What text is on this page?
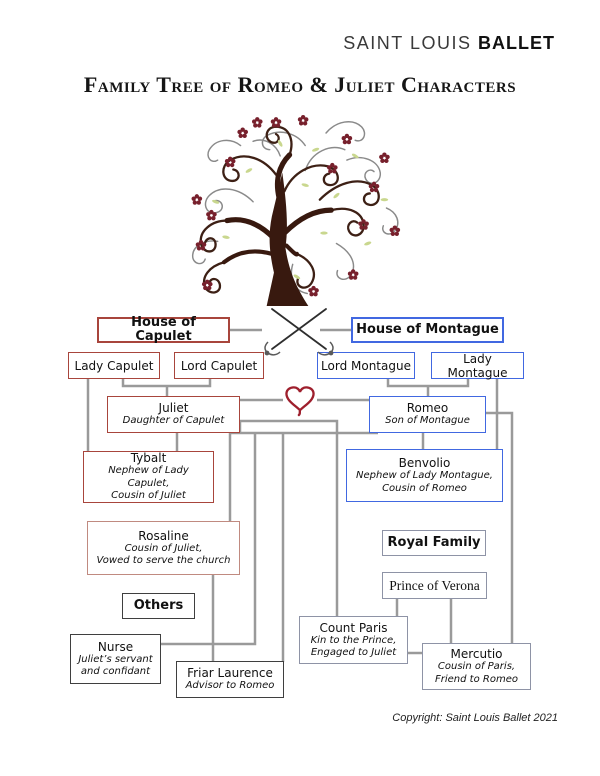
SAINT LOUIS BALLET
Family Tree of Romeo & Juliet Characters
House of Capulet	House of Montague
Lady Capulet Lord Capulet	Lord Montague	Lady Montague
Juliet
Daughter of Capulet
Romeo
Son of Montague
Tybalt
Nephew of Lady Capulet,
Cousin of Juliet
Benvolio
Nephew of Lady Montague,
Cousin of Romeo
Rosaline
Cousin of Juliet,
Vowed to serve the church
Royal Family
Prince of Verona
Others
Nurse
Juliet’s servant
and confidant
Count Paris
Kin to the Prince,
Engaged to Juliet
Friar Laurence
Advisor to Romeo
Mercutio
Cousin of Paris,
Friend to Romeo
Copyright: Saint Louis Ballet 2021
